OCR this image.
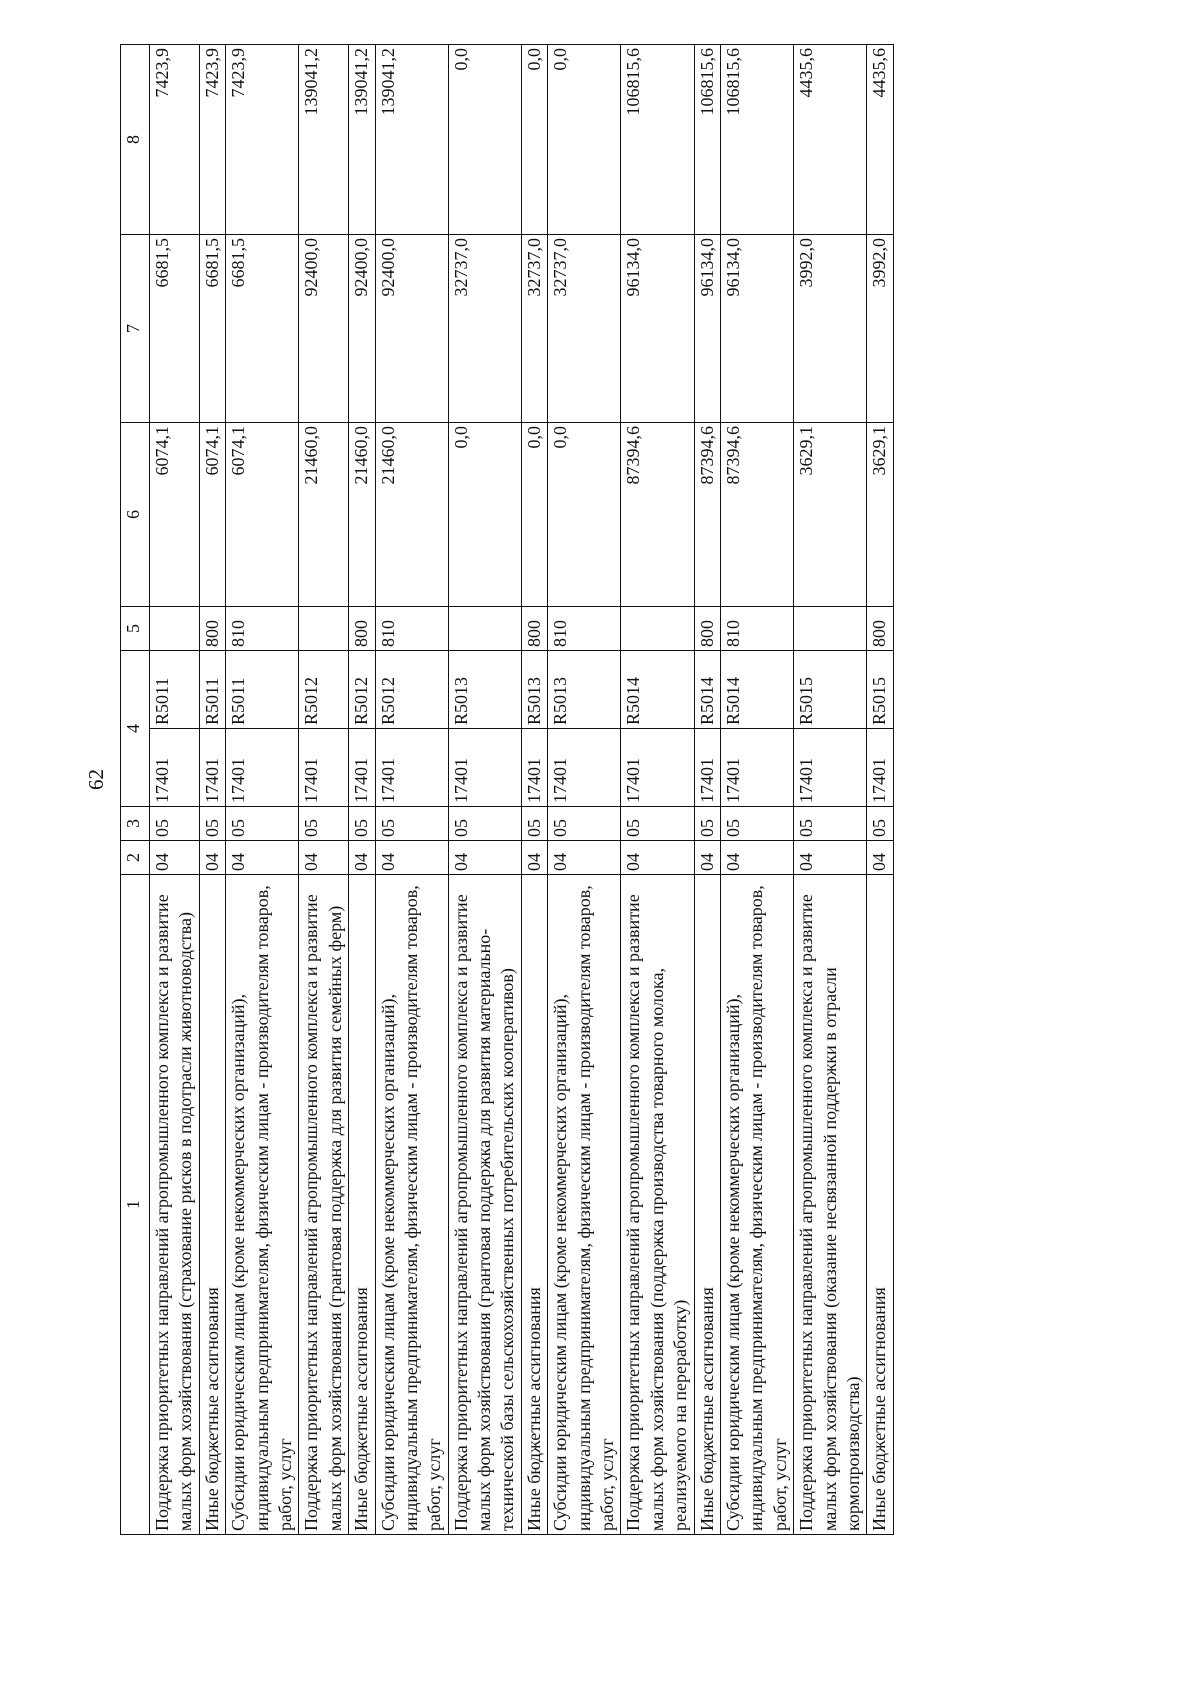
62
1	2	3	4		5	6	7	8
Поддержка приоритетных направлений агропромышленного комплекса и развитие малых форм хозяйствования (страхование рисков в подотрасли животноводства)	04	05	17401	R5011		6074,1	6681,5	7423,9
Иные бюджетные ассигнования	04	05	17401	R5011	800	6074,1	6681,5	7423,9
Субсидии юридическим лицам (кроме некоммерческих организаций), индивидуальным предпринимателям, физическим лицам - производителям товаров, работ, услуг	04	05	17401	R5011	810	6074,1	6681,5	7423,9
Поддержка приоритетных направлений агропромышленного комплекса и развитие малых форм хозяйствования (грантовая поддержка для развития семейных ферм)	04	05	17401	R5012		21460,0	92400,0	139041,2
Иные бюджетные ассигнования	04	05	17401	R5012	800	21460,0	92400,0	139041,2
Субсидии юридическим лицам (кроме некоммерческих организаций), индивидуальным предпринимателям, физическим лицам - производителям товаров, работ, услуг	04	05	17401	R5012	810	21460,0	92400,0	139041,2
Поддержка приоритетных направлений агропромышленного комплекса и развитие малых форм хозяйствования (грантовая поддержка для развития материально-технической базы сельскохозяйственных потребительских кооперативов)	04	05	17401	R5013		0,0	32737,0	0,0
Иные бюджетные ассигнования	04	05	17401	R5013	800	0,0	32737,0	0,0
Субсидии юридическим лицам (кроме некоммерческих организаций), индивидуальным предпринимателям, физическим лицам - производителям товаров, работ, услуг	04	05	17401	R5013	810	0,0	32737,0	0,0
Поддержка приоритетных направлений агропромышленного комплекса и развитие малых форм хозяйствования (поддержка производства товарного молока, реализуемого на переработку)	04	05	17401	R5014		87394,6	96134,0	106815,6
Иные бюджетные ассигнования	04	05	17401	R5014	800	87394,6	96134,0	106815,6
Субсидии юридическим лицам (кроме некоммерческих организаций), индивидуальным предпринимателям, физическим лицам - производителям товаров, работ, услуг	04	05	17401	R5014	810	87394,6	96134,0	106815,6
Поддержка приоритетных направлений агропромышленного комплекса и развитие малых форм хозяйствования (оказание несвязанной поддержки в отрасли кормопроизводства)	04	05	17401	R5015		3629,1	3992,0	4435,6
Иные бюджетные ассигнования	04	05	17401	R5015	800	3629,1	3992,0	4435,6
